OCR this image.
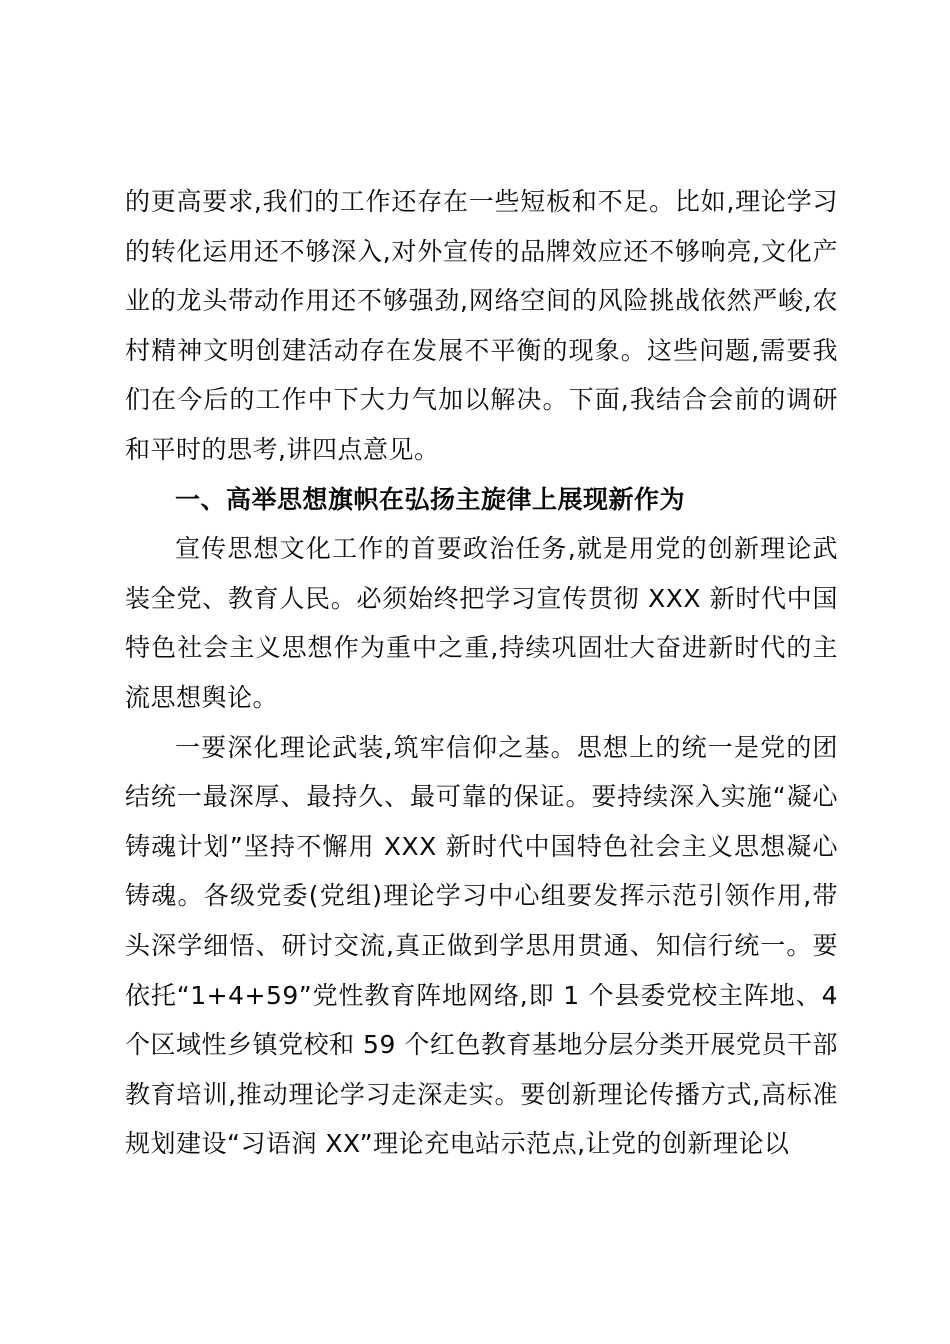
的更高要求,我们的工作还存在一些短板和不足。比如,理论学习的转化运用还不够深入,对外宣传的品牌效应还不够响亮,文化产业的龙头带动作用还不够强劲,网络空间的风险挑战依然严峻,农村精神文明创建活动存在发展不平衡的现象。这些问题,需要我们在今后的工作中下大力气加以解决。下面,我结合会前的调研和平时的思考,讲四点意见。

一、高举思想旗帜在弘扬主旋律上展现新作为

宣传思想文化工作的首要政治任务,就是用党的创新理论武装全党、教育人民。必须始终把学习宣传贯彻 XXX 新时代中国特色社会主义思想作为重中之重,持续巩固壮大奋进新时代的主流思想舆论。

一要深化理论武装,筑牢信仰之基。思想上的统一是党的团结统一最深厚、最持久、最可靠的保证。要持续深入实施“凝心铸魂计划”坚持不懈用 XXX 新时代中国特色社会主义思想凝心铸魂。各级党委(党组)理论学习中心组要发挥示范引领作用,带头深学细悟、研讨交流,真正做到学思用贯通、知信行统一。要依托“1+4+59”党性教育阵地网络,即 1 个县委党校主阵地、4 个区域性乡镇党校和 59 个红色教育基地分层分类开展党员干部教育培训,推动理论学习走深走实。要创新理论传播方式,高标准规划建设“习语润 XX”理论充电站示范点,让党的创新理论以
